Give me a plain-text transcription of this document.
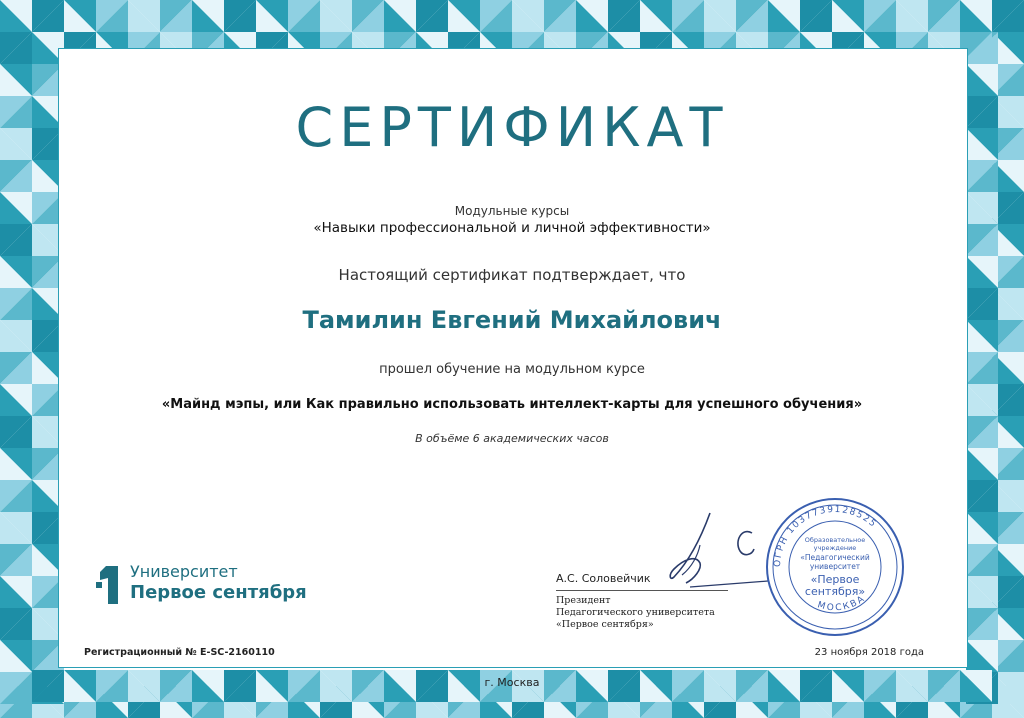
СЕРТИФИКАТ
Модульные курсы
«Навыки профессиональной и личной эффективности»
Настоящий сертификат подтверждает, что
Тамилин Евгений Михайлович
прошел обучение на модульном курсе
«Майнд мэпы, или Как правильно использовать интеллект-карты для успешного обучения»
В объёме 6 академических часов
Университет
Первое сентября
А.С. Соловейчик
Президент
Педагогического университета
«Первое сентября»
ОГРН 1037739128525
МОСКВА
Образовательное
учреждение
«Педагогический
университет
«Первое
сентября»
Регистрационный № E-SC-2160110	23 ноября 2018 года
г. Москва
